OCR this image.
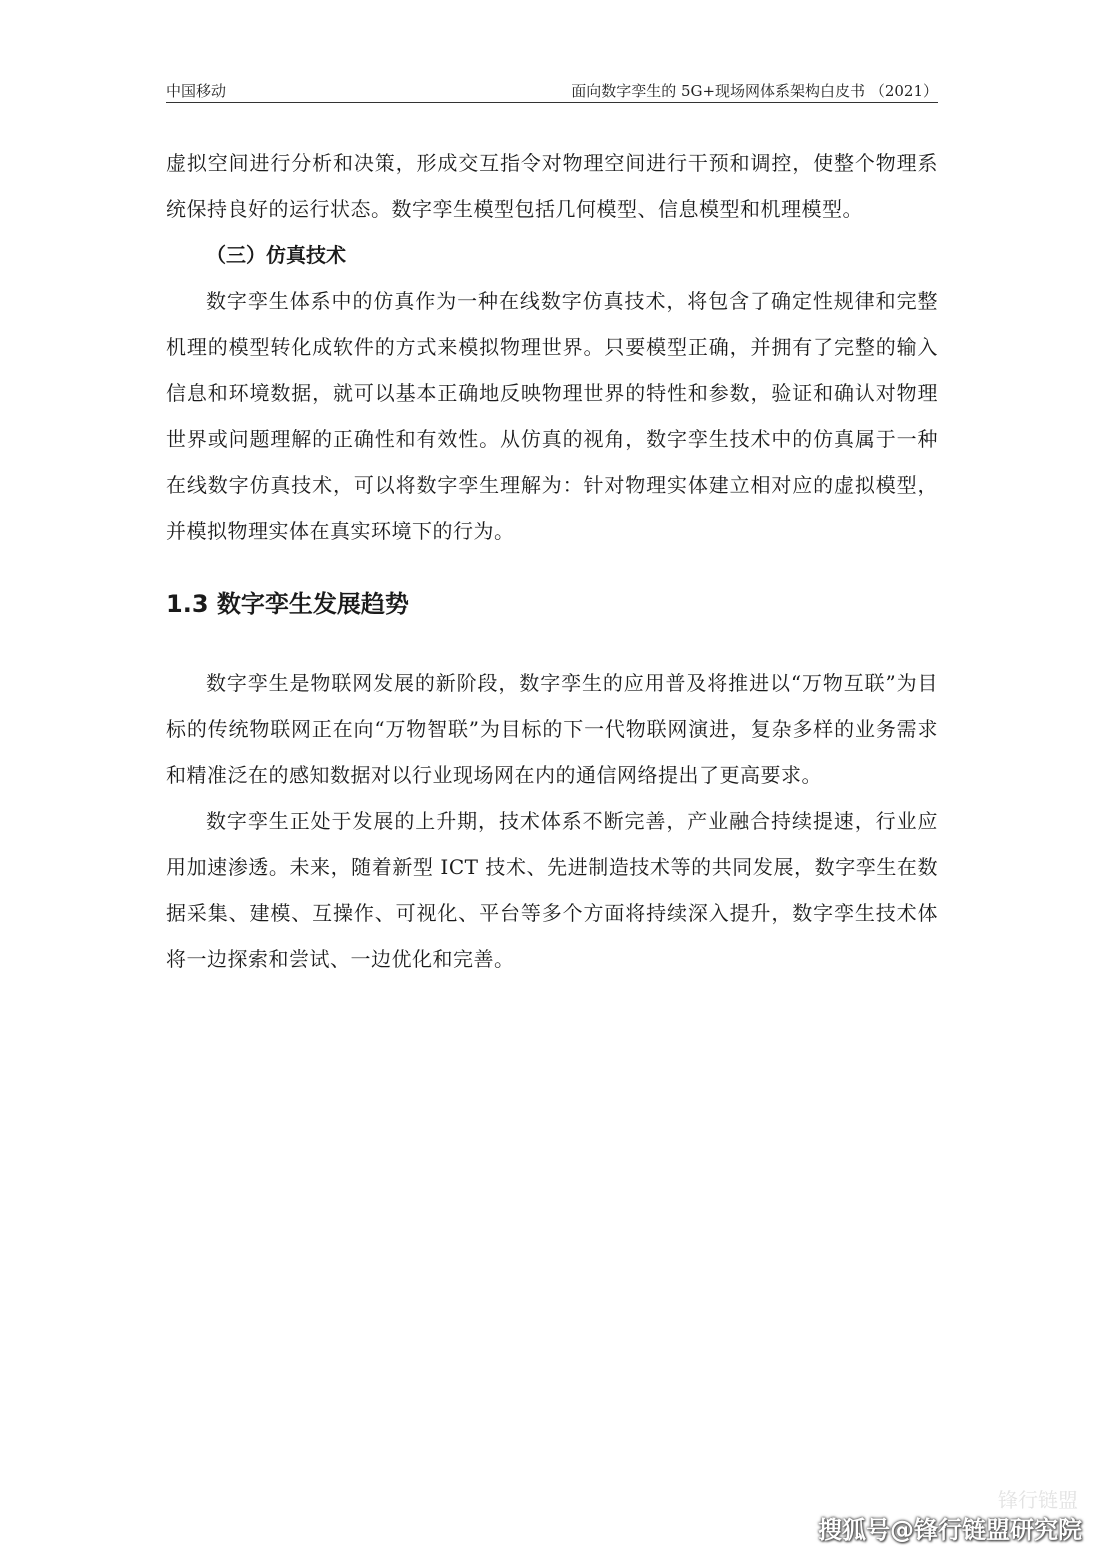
中国移动	面向数字孪生的 5G+现场网体系架构白皮书 （2021）

虚拟空间进行分析和决策，形成交互指令对物理空间进行干预和调控，使整个物理系统保持良好的运行状态。数字孪生模型包括几何模型、信息模型和机理模型。

（三）仿真技术

数字孪生体系中的仿真作为一种在线数字仿真技术，将包含了确定性规律和完整机理的模型转化成软件的方式来模拟物理世界。只要模型正确，并拥有了完整的输入信息和环境数据，就可以基本正确地反映物理世界的特性和参数，验证和确认对物理世界或问题理解的正确性和有效性。从仿真的视角，数字孪生技术中的仿真属于一种在线数字仿真技术，可以将数字孪生理解为：针对物理实体建立相对应的虚拟模型，并模拟物理实体在真实环境下的行为。

1.3 数字孪生发展趋势

数字孪生是物联网发展的新阶段，数字孪生的应用普及将推进以“万物互联”为目标的传统物联网正在向“万物智联”为目标的下一代物联网演进，复杂多样的业务需求和精准泛在的感知数据对以行业现场网在内的通信网络提出了更高要求。

数字孪生正处于发展的上升期，技术体系不断完善，产业融合持续提速，行业应用加速渗透。未来，随着新型 ICT 技术、先进制造技术等的共同发展，数字孪生在数据采集、建模、互操作、可视化、平台等多个方面将持续深入提升，数字孪生技术体将一边探索和尝试、一边优化和完善。

锋行链盟
搜狐号@锋行链盟研究院
